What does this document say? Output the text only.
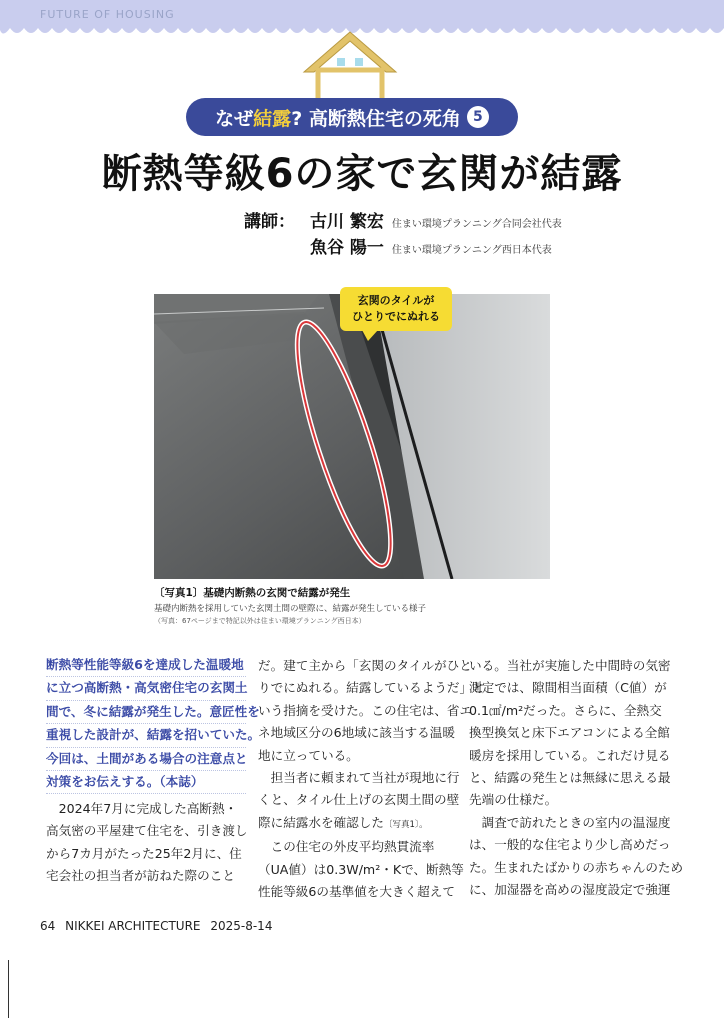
FUTURE OF HOUSING
なぜ 結露 ? 高断熱住宅の死角 5
断熱等級6の家で玄関が結露
講師： 古川 繁宏 住まい環境プランニング合同会社代表
魚谷 陽一 住まい環境プランニング西日本代表
玄関のタイルが
ひとりでにぬれる
〔写真1〕基礎内断熱の玄関で結露が発生
基礎内断熱を採用していた玄関土間の壁際に、結露が発生している様子
（写真：67ページまで特記以外は住まい環境プランニング西日本）
断熱等性能等級6を達成した温暖地
に立つ高断熱・高気密住宅の玄関土
間で、冬に結露が発生した。意匠性を
重視した設計が、結露を招いていた。
今回は、土間がある場合の注意点と
対策をお伝えする。（本誌）
　2024年7月に完成した高断熱・
高気密の平屋建て住宅を、引き渡し
から7カ月がたった25年2月に、住
宅会社の担当者が訪ねた際のこと
だ。建て主から「玄関のタイルがひと
りでにぬれる。結露しているようだ」と
いう指摘を受けた。この住宅は、省エ
ネ地域区分の6地域に該当する温暖
地に立っている。
　担当者に頼まれて当社が現地に行
くと、タイル仕上げの玄関土間の壁
際に結露水を確認した〔写真1〕。
　この住宅の外皮平均熱貫流率
（UA値）は0.3W/m²・Kで、断熱等
性能等級6の基準値を大きく超えて
いる。当社が実施した中間時の気密
測定では、隙間相当面積（C値）が
0.1㎠/m²だった。さらに、全熱交
換型換気と床下エアコンによる全館
暖房を採用している。これだけ見る
と、結露の発生とは無縁に思える最
先端の仕様だ。
　調査で訪れたときの室内の温湿度
は、一般的な住宅より少し高めだっ
た。生まれたばかりの赤ちゃんのため
に、加湿器を高めの湿度設定で強運
64 NIKKEI ARCHITECTURE 2025-8-14
